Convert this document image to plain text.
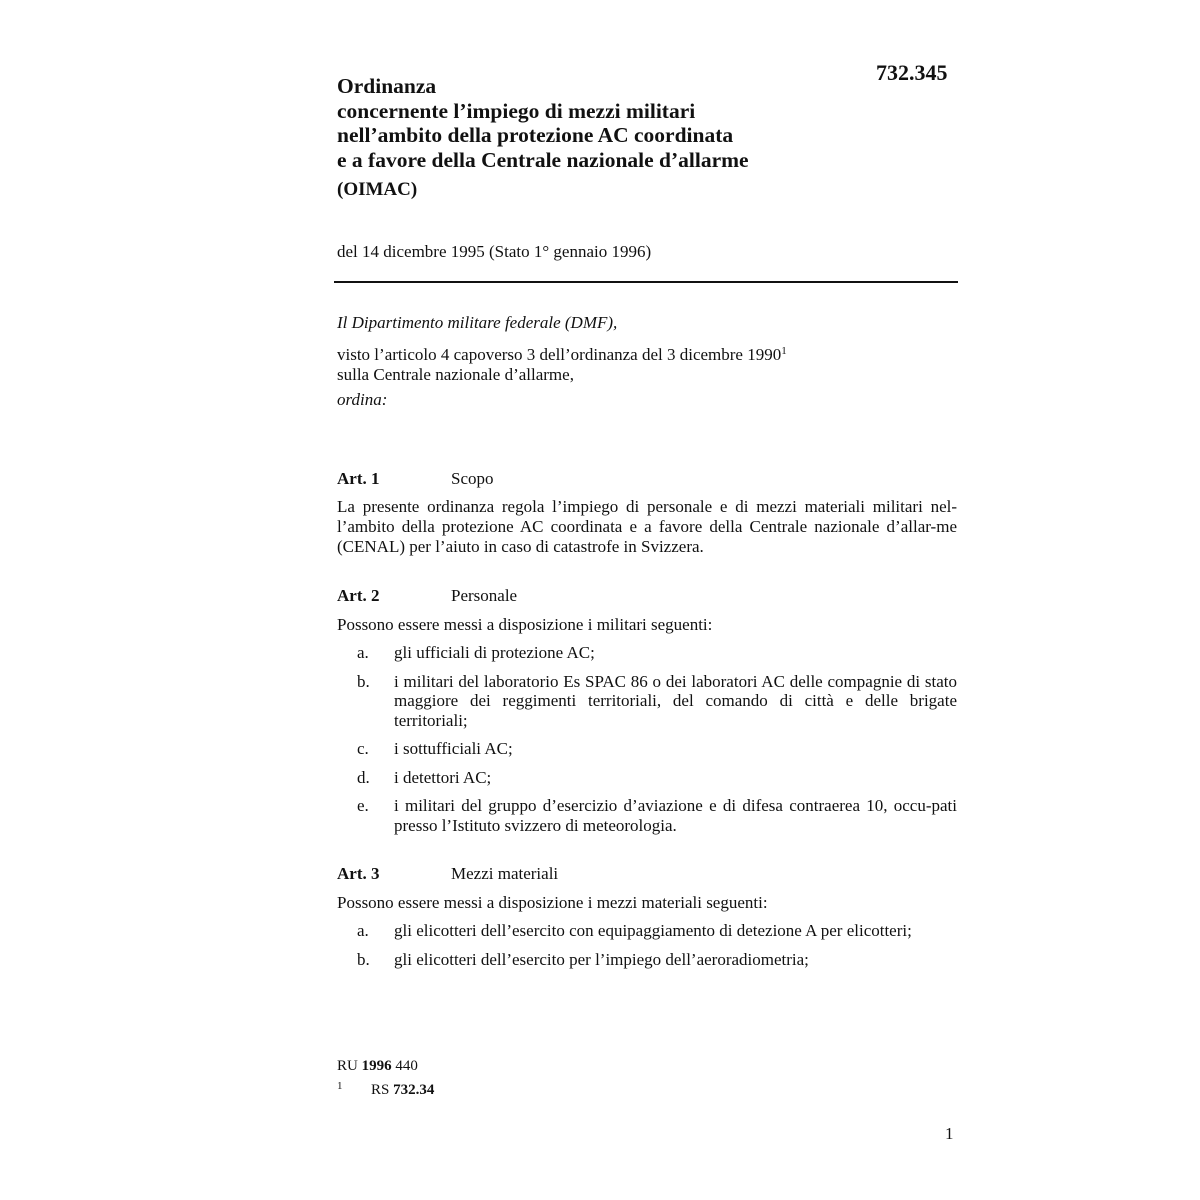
732.345
Ordinanza
concernente l’impiego di mezzi militari
nell’ambito della protezione AC coordinata
e a favore della Centrale nazionale d’allarme
(OIMAC)
del 14 dicembre 1995 (Stato 1° gennaio 1996)
Il Dipartimento militare federale (DMF),
visto l’articolo 4 capoverso 3 dell’ordinanza del 3 dicembre 1990$^1$
sulla Centrale nazionale d’allarme,
ordina:
Art. 1	Scopo
La presente ordinanza regola l’impiego di personale e di mezzi materiali militari nel-l’ambito della protezione AC coordinata e a favore della Centrale nazionale d’allar-me (CENAL) per l’aiuto in caso di catastrofe in Svizzera.
Art. 2	Personale
Possono essere messi a disposizione i militari seguenti:
a. gli ufficiali di protezione AC;
b. i militari del laboratorio Es SPAC 86 o dei laboratori AC delle compagnie di stato maggiore dei reggimenti territoriali, del comando di città e delle brigate territoriali;
c. i sottufficiali AC;
d. i detettori AC;
e. i militari del gruppo d’esercizio d’aviazione e di difesa contraerea 10, occu-pati presso l’Istituto svizzero di meteorologia.
Art. 3	Mezzi materiali
Possono essere messi a disposizione i mezzi materiali seguenti:
a. gli elicotteri dell’esercito con equipaggiamento di detezione A per elicotteri;
b. gli elicotteri dell’esercito per l’impiego dell’aeroradiometria;
RU 1996 440
1 RS 732.34
1
